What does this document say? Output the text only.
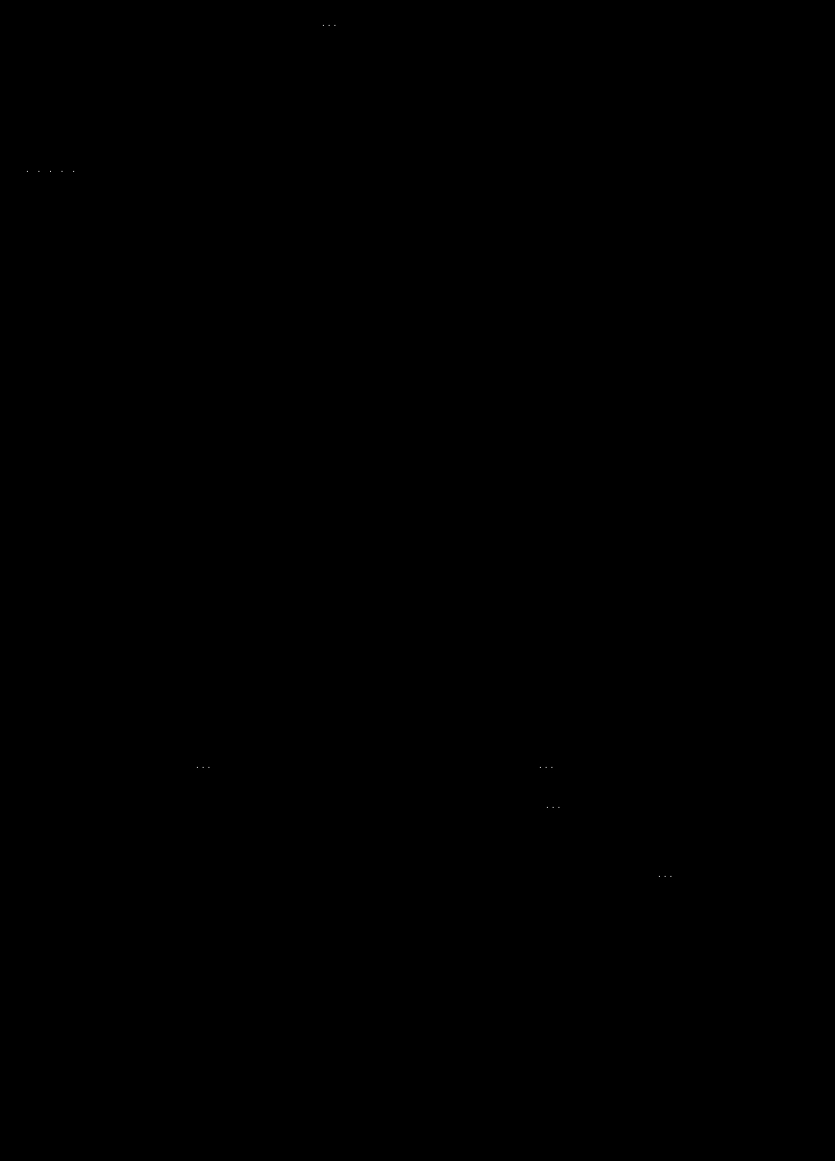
...
. . . . .
...	...
...
...
